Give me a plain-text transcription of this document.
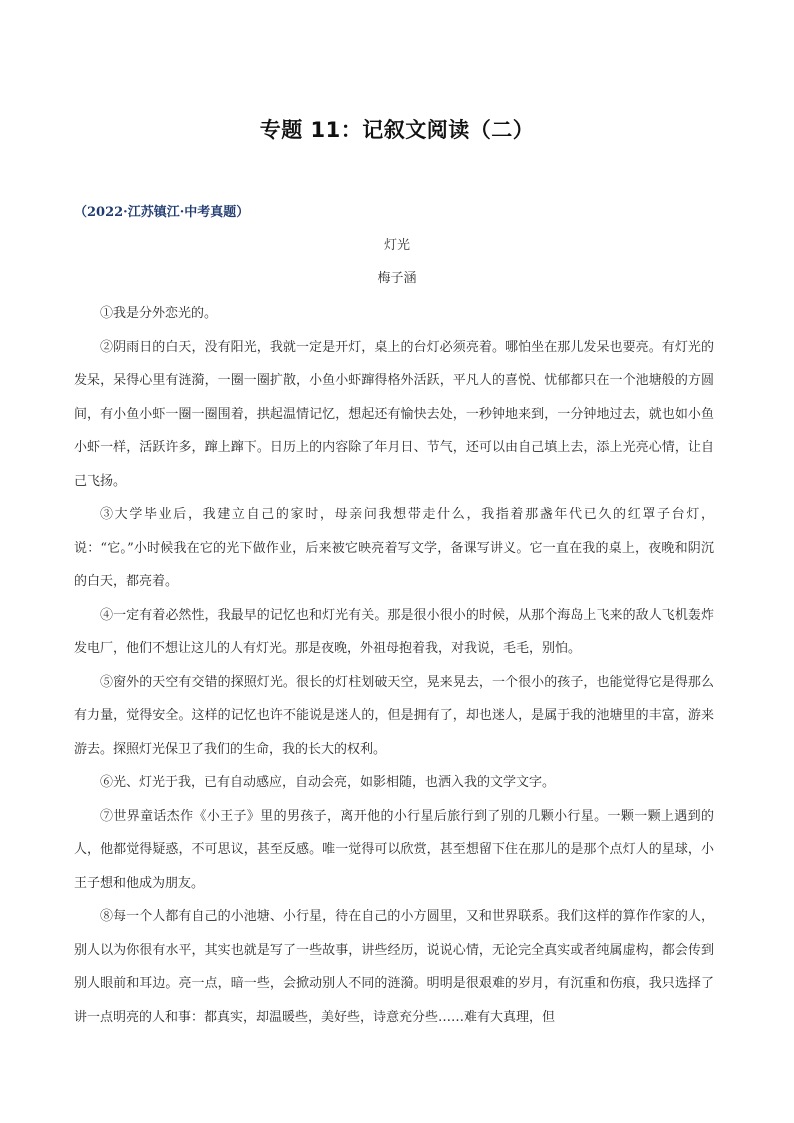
专题 11：记叙文阅读（二）
（2022·江苏镇江·中考真题）
灯光
梅子涵

①我是分外恋光的。

②阴雨日的白天，没有阳光，我就一定是开灯，桌上的台灯必须亮着。哪怕坐在那儿发呆也要亮。有灯光的发呆，呆得心里有涟漪，一圈一圈扩散，小鱼小虾蹿得格外活跃，平凡人的喜悦、忧郁都只在一个池塘般的方圆间，有小鱼小虾一圈一圈围着，拱起温情记忆，想起还有愉快去处，一秒钟地来到，一分钟地过去，就也如小鱼小虾一样，活跃许多，蹿上蹿下。日历上的内容除了年月日、节气，还可以由自己填上去，添上光亮心情，让自己飞扬。

③大学毕业后，我建立自己的家时，母亲问我想带走什么，我指着那盏年代已久的红罩子台灯，说：“它。”小时候我在它的光下做作业，后来被它映亮着写文学，备课写讲义。它一直在我的桌上，夜晚和阴沉的白天，都亮着。

④一定有着必然性，我最早的记忆也和灯光有关。那是很小很小的时候，从那个海岛上飞来的敌人飞机轰炸发电厂，他们不想让这儿的人有灯光。那是夜晚，外祖母抱着我，对我说，毛毛，别怕。

⑤窗外的天空有交错的探照灯光。很长的灯柱划破天空，晃来晃去，一个很小的孩子，也能觉得它是得那么有力量，觉得安全。这样的记忆也许不能说是迷人的，但是拥有了，却也迷人，是属于我的池塘里的丰富，游来游去。探照灯光保卫了我们的生命，我的长大的权利。

⑥光、灯光于我，已有自动感应，自动会亮，如影相随，也洒入我的文学文字。

⑦世界童话杰作《小王子》里的男孩子，离开他的小行星后旅行到了别的几颗小行星。一颗一颗上遇到的人，他都觉得疑惑，不可思议，甚至反感。唯一觉得可以欣赏，甚至想留下住在那儿的是那个点灯人的星球，小王子想和他成为朋友。

⑧每一个人都有自己的小池塘、小行星，待在自己的小方圆里，又和世界联系。我们这样的算作作家的人，别人以为你很有水平，其实也就是写了一些故事，讲些经历，说说心情，无论完全真实或者纯属虚构，都会传到别人眼前和耳边。亮一点，暗一些，会掀动别人不同的涟漪。明明是很艰难的岁月，有沉重和伤痕，我只选择了讲一点明亮的人和事：都真实，却温暖些，美好些，诗意充分些……难有大真理，但
